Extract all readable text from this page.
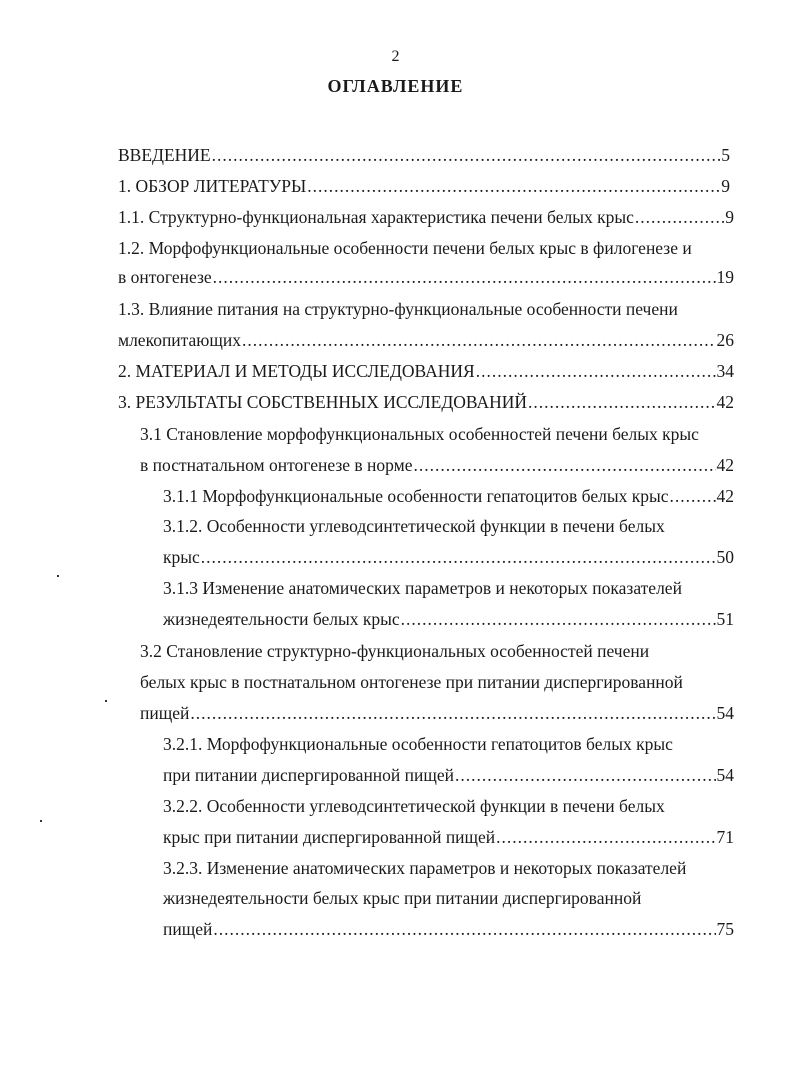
2
ОГЛАВЛЕНИЕ
ВВЕДЕНИЕ .....	5
1. ОБЗОР ЛИТЕРАТУРЫ .....	9
1.1. Структурно-функциональная характеристика печени белых крыс .....	9
1.2. Морфофункциональные особенности печени белых крыс в филогенезе и
в онтогенезе .....	19
1.3. Влияние питания на структурно-функциональные особенности печени
млекопитающих .....	26
2. МАТЕРИАЛ И МЕТОДЫ ИССЛЕДОВАНИЯ .....	34
3. РЕЗУЛЬТАТЫ СОБСТВЕННЫХ ИССЛЕДОВАНИЙ .....	42
3.1 Становление морфофункциональных особенностей печени белых крыс
в постнатальном онтогенезе в норме .....	42
3.1.1 Морфофункциональные особенности гепатоцитов белых крыс .....	42
3.1.2. Особенности углеводсинтетической функции в печени белых
крыс .....	50
3.1.3 Изменение анатомических параметров и некоторых показателей
жизнедеятельности белых крыс .....	51
3.2 Становление структурно-функциональных особенностей печени
белых крыс в постнатальном онтогенезе при питании диспергированной
пищей .....	54
3.2.1. Морфофункциональные особенности гепатоцитов белых крыс
при питании диспергированной пищей .....	54
3.2.2. Особенности углеводсинтетической функции в печени белых
крыс при питании диспергированной пищей .....	71
3.2.3. Изменение анатомических параметров и некоторых показателей
жизнедеятельности белых крыс при питании диспергированной
пищей .....	75
